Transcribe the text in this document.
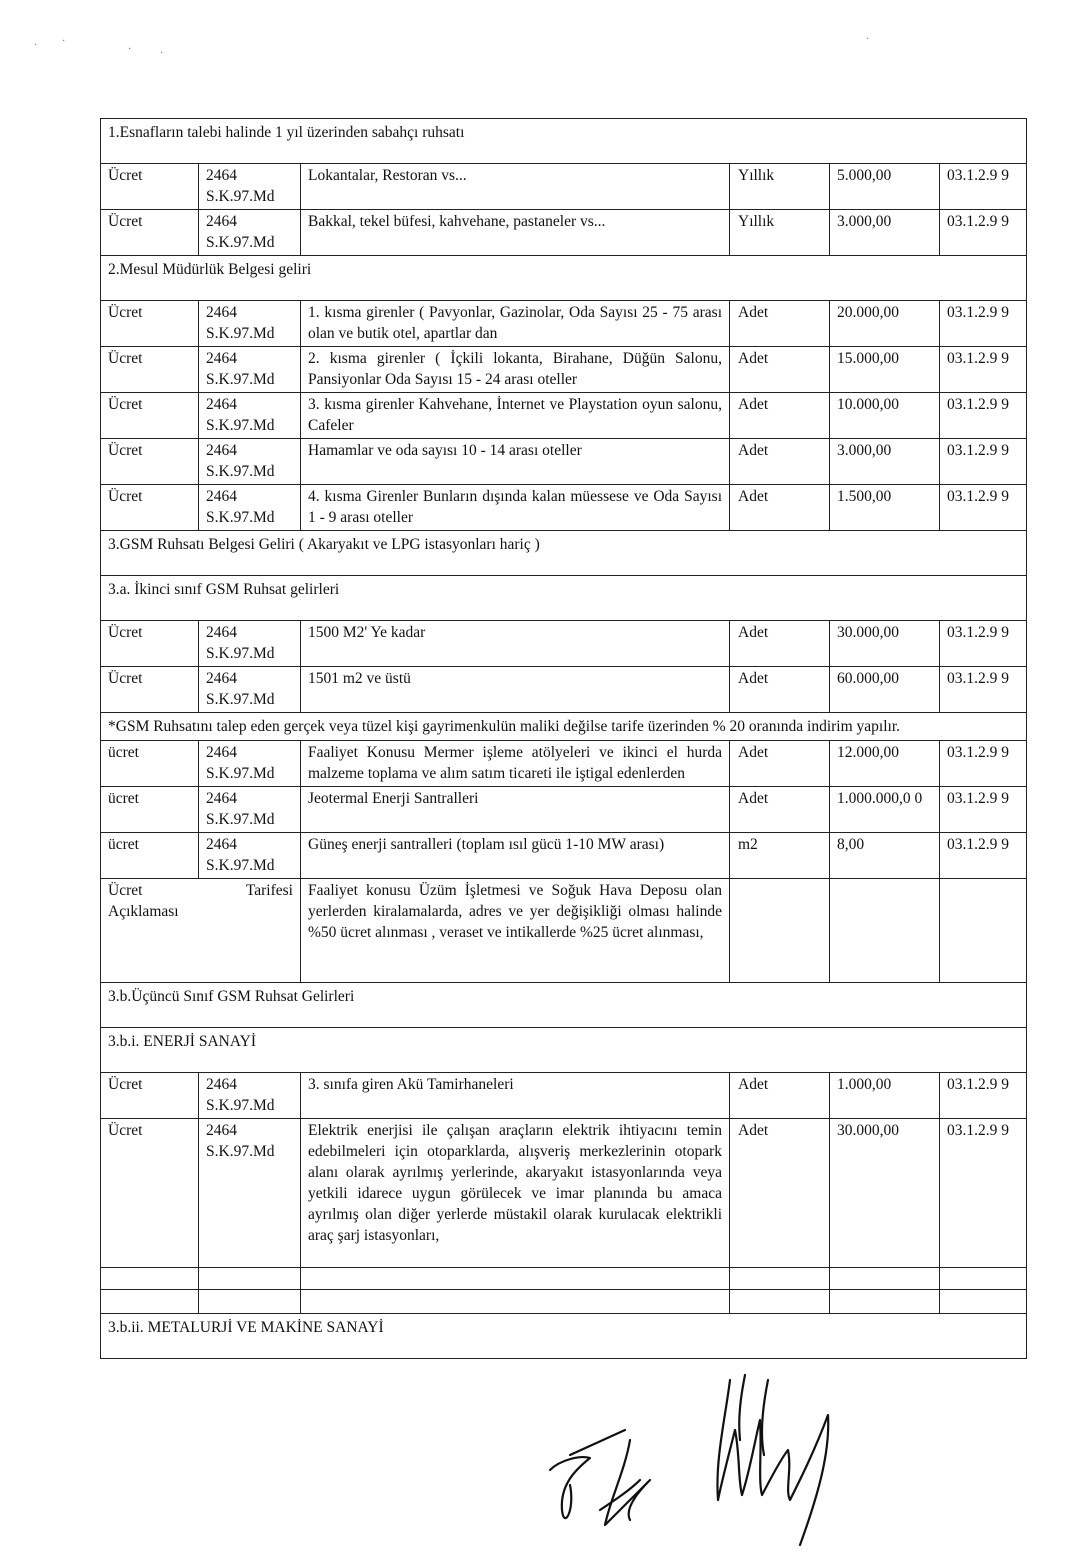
1.Esnafların talebi halinde 1 yıl üzerinden sabahçı ruhsatı					
Ücret	2464 S.K.97.Md	Lokantalar, Restoran vs...	Yıllık	5.000,00	03.1.2.9 9
Ücret	2464 S.K.97.Md	Bakkal, tekel büfesi, kahvehane, pastaneler vs...	Yıllık	3.000,00	03.1.2.9 9
2.Mesul Müdürlük Belgesi geliri					
Ücret	2464 S.K.97.Md	1. kısma girenler ( Pavyonlar, Gazinolar, Oda Sayısı 25 - 75 arası olan ve butik otel, apartlar dan	Adet	20.000,00	03.1.2.9 9
Ücret	2464 S.K.97.Md	2. kısma girenler ( İçkili lokanta, Birahane, Düğün Salonu, Pansiyonlar Oda Sayısı 15 - 24 arası oteller	Adet	15.000,00	03.1.2.9 9
Ücret	2464 S.K.97.Md	3. kısma girenler Kahvehane, İnternet ve Playstation oyun salonu, Cafeler	Adet	10.000,00	03.1.2.9 9
Ücret	2464 S.K.97.Md	Hamamlar ve oda sayısı 10 - 14 arası oteller	Adet	3.000,00	03.1.2.9 9
Ücret	2464 S.K.97.Md	4. kısma Girenler Bunların dışında kalan müessese ve Oda Sayısı 1 - 9 arası oteller	Adet	1.500,00	03.1.2.9 9
3.GSM Ruhsatı Belgesi Geliri ( Akaryakıt ve LPG istasyonları hariç )					
3.a. İkinci sınıf GSM Ruhsat gelirleri					
Ücret	2464 S.K.97.Md	1500 M2' Ye kadar	Adet	30.000,00	03.1.2.9 9
Ücret	2464 S.K.97.Md	1501 m2 ve üstü	Adet	60.000,00	03.1.2.9 9
*GSM Ruhsatını talep eden gerçek veya tüzel kişi gayrimenkulün maliki değilse tarife üzerinden % 20 oranında indirim yapılır.					
ücret	2464 S.K.97.Md	Faaliyet Konusu Mermer işleme atölyeleri ve ikinci el hurda malzeme toplama ve alım satım ticareti ile iştigal edenlerden	Adet	12.000,00	03.1.2.9 9
ücret	2464 S.K.97.Md	Jeotermal Enerji Santralleri	Adet	1.000.000,0 0	03.1.2.9 9
ücret	2464 S.K.97.Md	Güneş enerji santralleri (toplam ısıl gücü 1-10 MW arası)	m2	8,00	03.1.2.9 9

Ücret Tarifesi
Açıklaması		Faaliyet konusu Üzüm İşletmesi ve Soğuk Hava Deposu olan yerlerden kiralamalarda, adres ve yer değişikliği olması halinde %50 ücret alınması , veraset ve intikallerde %25 ücret alınması,			
3.b.Üçüncü Sınıf GSM Ruhsat Gelirleri					
3.b.i. ENERJİ SANAYİ					
Ücret	2464 S.K.97.Md	3. sınıfa giren Akü Tamirhaneleri	Adet	1.000,00	03.1.2.9 9
Ücret	2464 S.K.97.Md	Elektrik enerjisi ile çalışan araçların elektrik ihtiyacını temin edebilmeleri için otoparklarda, alışveriş merkezlerinin otopark alanı olarak ayrılmış yerlerinde, akaryakıt istasyonlarında veya yetkili idarece uygun görülecek ve imar planında bu amaca ayrılmış olan diğer yerlerde müstakil olarak kurulacak elektrikli araç şarj istasyonları,	Adet	30.000,00	03.1.2.9 9

3.b.ii. METALURJİ VE MAKİNE SANAYİ					
· ·
·	·
·
